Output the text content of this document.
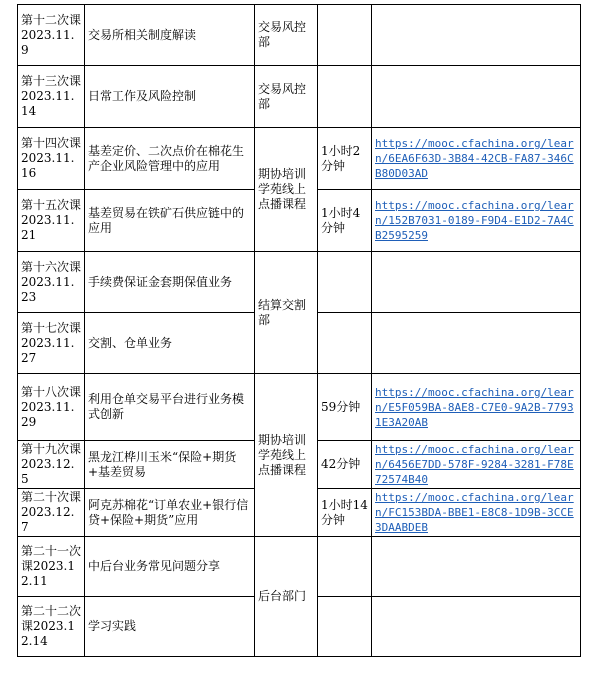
第十二次课2023.11.9	交易所相关制度解读	交易风控部		
第十三次课2023.11.14	日常工作及风险控制	交易风控部		
第十四次课2023.11.16	基差定价、二次点价在棉花生产企业风险管理中的应用	期协培训学苑线上点播课程	1小时2分钟	https://mooc.cfachina.org/learn/6EA6F63D-3B84-42CB-FA87-346CB80D03AD
第十五次课2023.11.21	基差贸易在铁矿石供应链中的应用		1小时4分钟	https://mooc.cfachina.org/learn/152B7031-0189-F9D4-E1D2-7A4CB2595259
第十六次课2023.11.23	手续费保证金套期保值业务	结算交割部		
第十七次课2023.11.27	交割、仓单业务			
第十八次课2023.11.29	利用仓单交易平台进行业务模式创新	期协培训学苑线上点播课程	59分钟	https://mooc.cfachina.org/learn/E5F059BA-8AE8-C7E0-9A2B-77931E3A20AB
第十九次课2023.12.5	黑龙江桦川玉米“保险+期货+基差贸易		42分钟	https://mooc.cfachina.org/learn/6456E7DD-578F-9284-3281-F78E72574B40
第二十次课2023.12.7	阿克苏棉花“订单农业+银行信贷+保险+期货”应用		1小时14分钟	https://mooc.cfachina.org/learn/FC153BDA-BBE1-E8C8-1D9B-3CCE3DAABDEB
第二十一次课2023.12.11	中后台业务常见问题分享	后台部门		
第二十二次课2023.12.14	学习实践			
